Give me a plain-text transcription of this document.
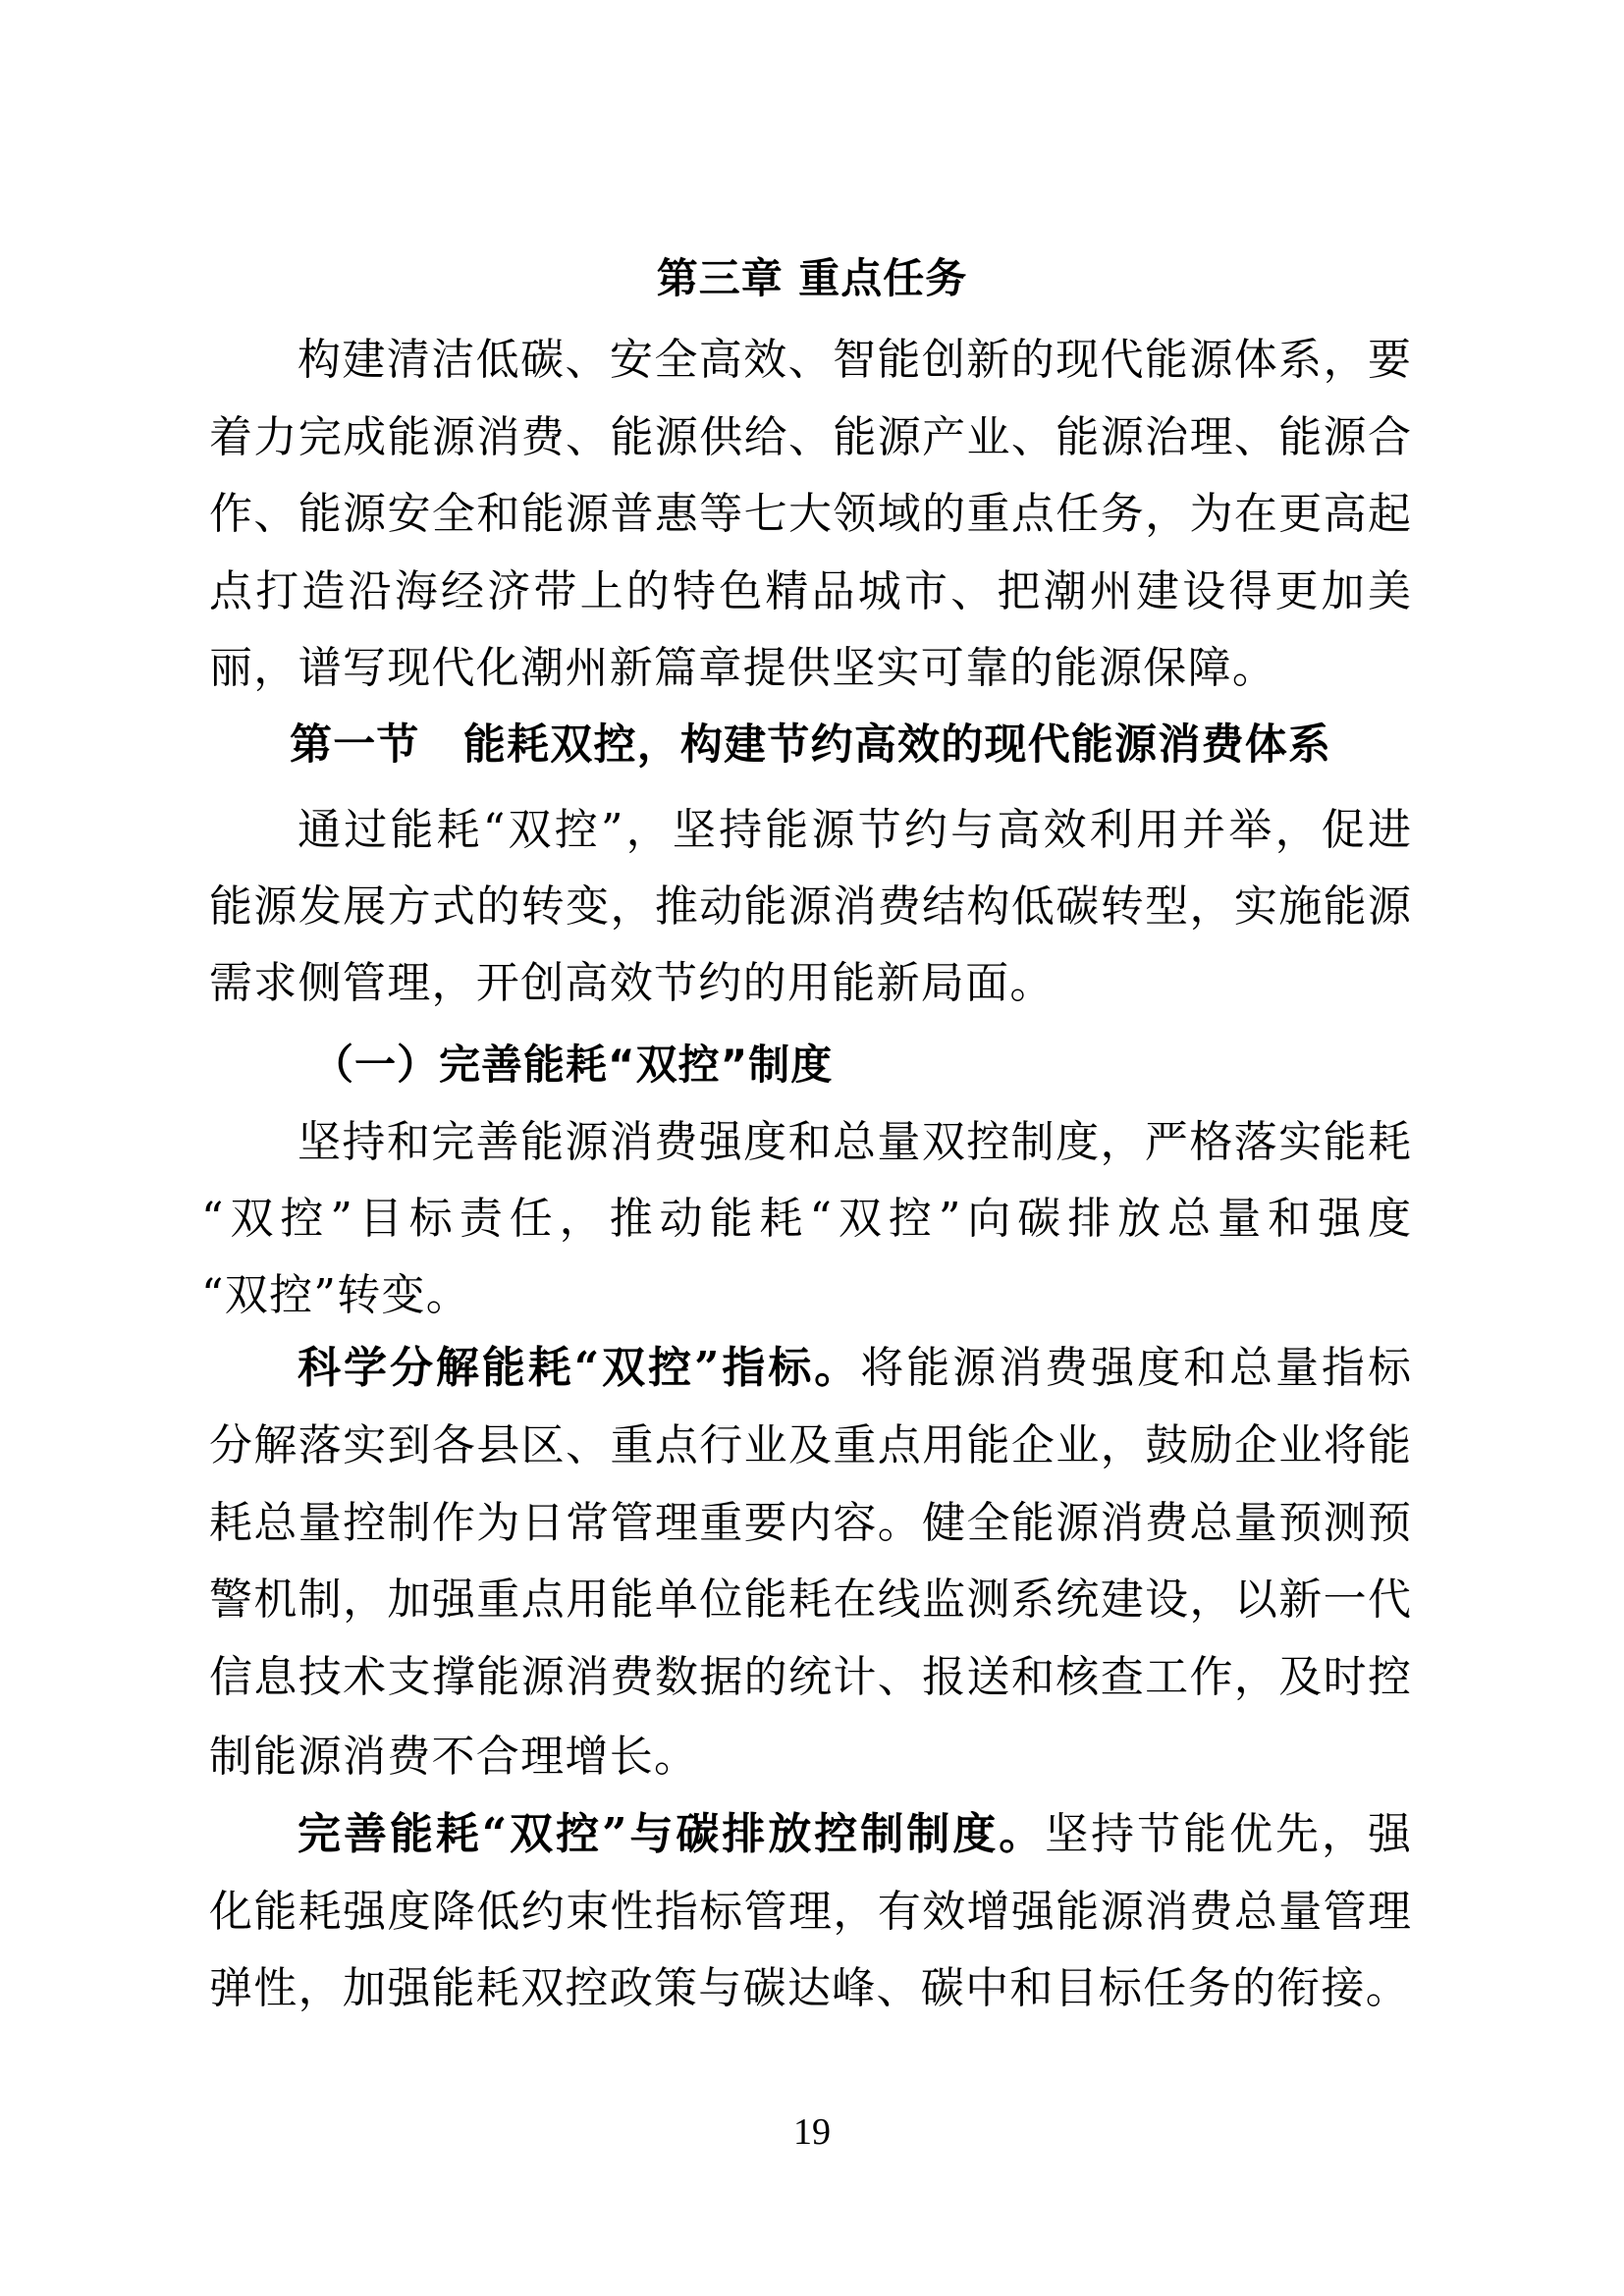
第三章 重点任务
构建清洁低碳、安全高效、智能创新的现代能源体系，要
着力完成能源消费、能源供给、能源产业、能源治理、能源合
作、能源安全和能源普惠等七大领域的重点任务，为在更高起
点打造沿海经济带上的特色精品城市、把潮州建设得更加美
丽，谱写现代化潮州新篇章提供坚实可靠的能源保障。
第一节　能耗双控，构建节约高效的现代能源消费体系
通过能耗“双控”，坚持能源节约与高效利用并举，促进
能源发展方式的转变，推动能源消费结构低碳转型，实施能源
需求侧管理，开创高效节约的用能新局面。
（一）完善能耗“双控”制度
坚持和完善能源消费强度和总量双控制度，严格落实能耗
“双控”目标责任，推动能耗“双控”向碳排放总量和强度
“双控”转变。
科学分解能耗“双控”指标。将能源消费强度和总量指标
分解落实到各县区、重点行业及重点用能企业，鼓励企业将能
耗总量控制作为日常管理重要内容。健全能源消费总量预测预
警机制，加强重点用能单位能耗在线监测系统建设，以新一代
信息技术支撑能源消费数据的统计、报送和核查工作，及时控
制能源消费不合理增长。
完善能耗“双控”与碳排放控制制度。坚持节能优先，强
化能耗强度降低约束性指标管理，有效增强能源消费总量管理
弹性，加强能耗双控政策与碳达峰、碳中和目标任务的衔接。
19
